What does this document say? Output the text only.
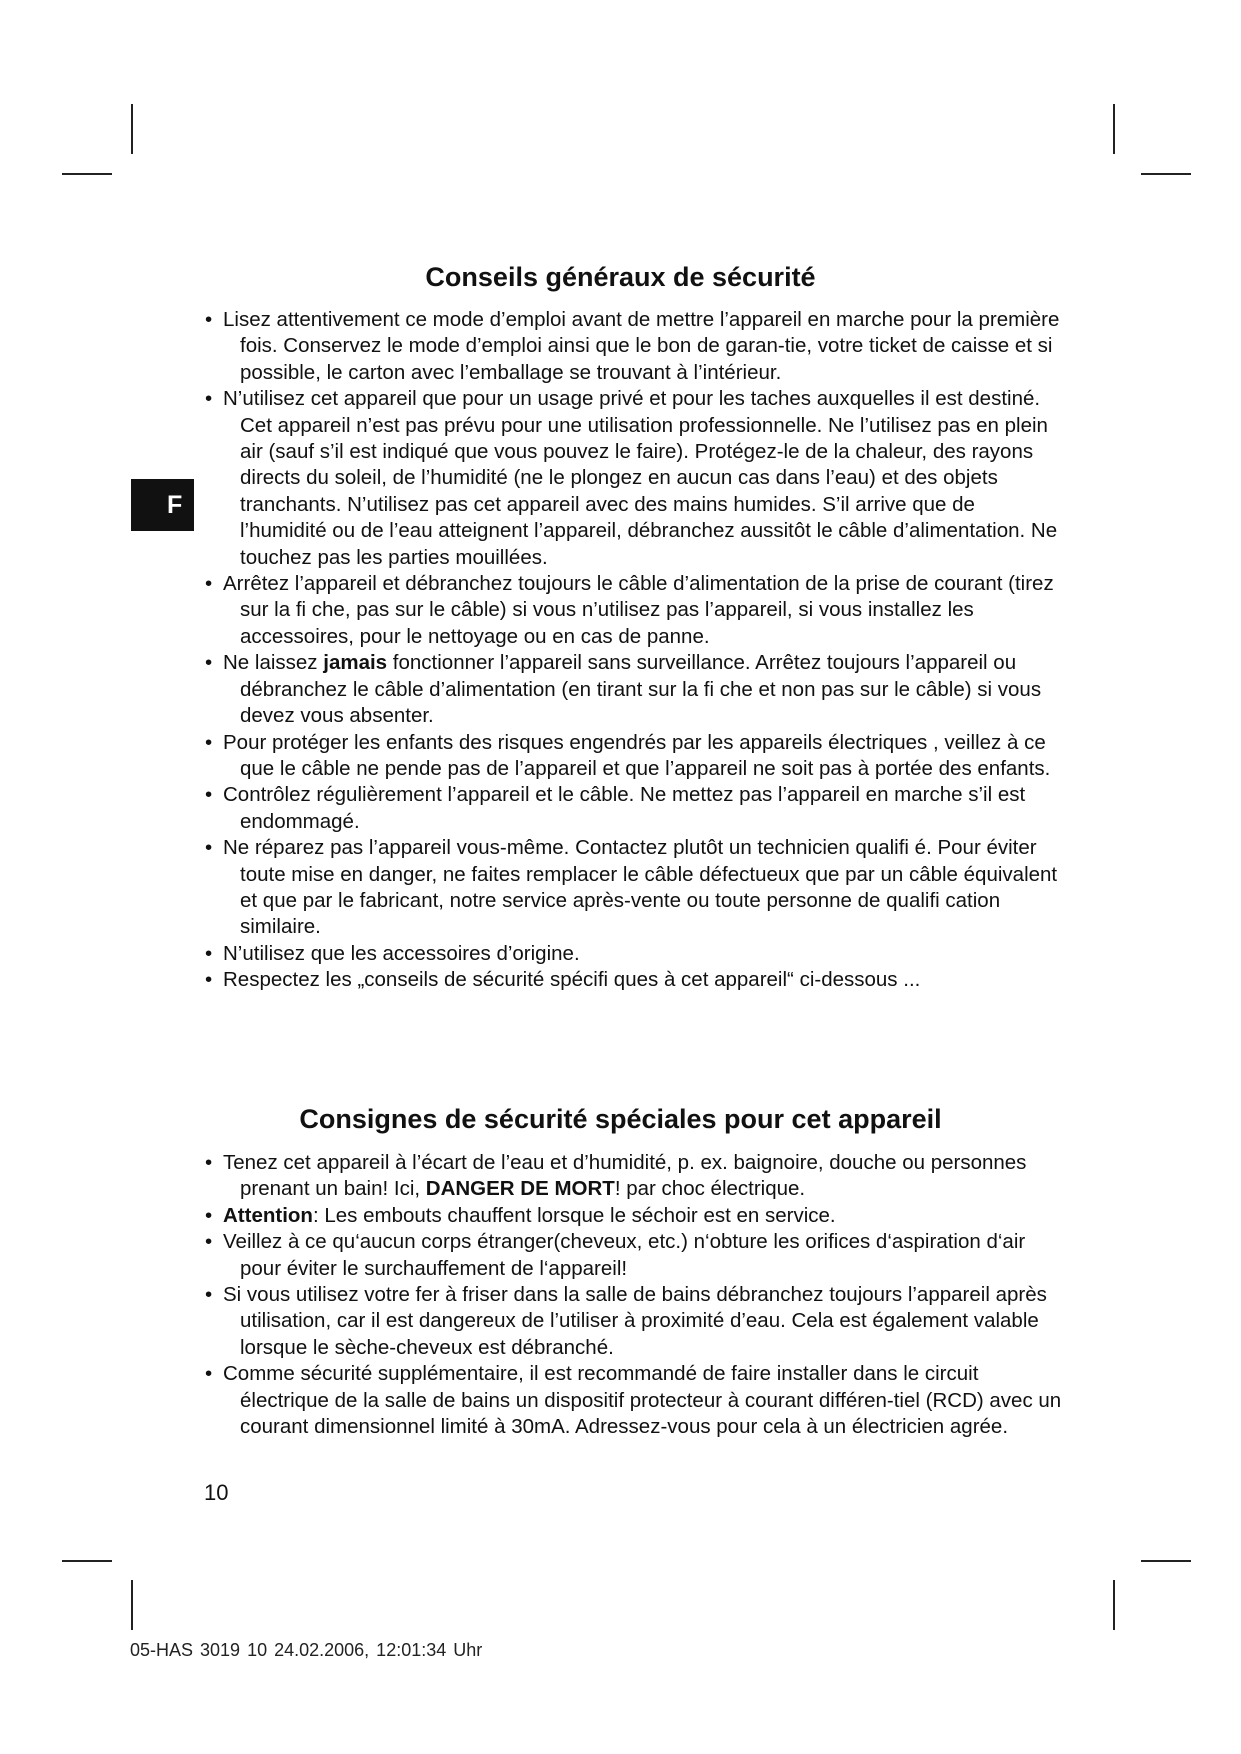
F
Conseils généraux de sécurité
• Lisez attentivement ce mode d’emploi avant de mettre l’appareil en marche pour la première fois. Conservez le mode d’emploi ainsi que le bon de garan-tie, votre ticket de caisse et si possible, le carton avec l’emballage se trouvant à l’intérieur.
• N’utilisez cet appareil que pour un usage privé et pour les taches auxquelles il est destiné. Cet appareil n’est pas prévu pour une utilisation professionnelle. Ne l’utilisez pas en plein air (sauf s’il est indiqué que vous pouvez le faire). Protégez-le de la chaleur, des rayons directs du soleil, de l’humidité (ne le plongez en aucun cas dans l’eau) et des objets tranchants. N’utilisez pas cet appareil avec des mains humides. S’il arrive que de l’humidité ou de l’eau atteignent l’appareil, débranchez aussitôt le câble d’alimentation. Ne touchez pas les parties mouillées.
• Arrêtez l’appareil et débranchez toujours le câble d’alimentation de la prise de courant (tirez sur la fi che, pas sur le câble) si vous n’utilisez pas l’appareil, si vous installez les accessoires, pour le nettoyage ou en cas de panne.
• Ne laissez jamais fonctionner l’appareil sans surveillance. Arrêtez toujours l’appareil ou débranchez le câble d’alimentation (en tirant sur la fi che et non pas sur le câble) si vous devez vous absenter.
• Pour protéger les enfants des risques engendrés par les appareils électriques , veillez à ce que le câble ne pende pas de l’appareil et que l’appareil ne soit pas à portée des enfants.
• Contrôlez régulièrement l’appareil et le câble. Ne mettez pas l’appareil en marche s’il est endommagé.
• Ne réparez pas l’appareil vous-même. Contactez plutôt un technicien qualifi é. Pour éviter toute mise en danger, ne faites remplacer le câble défectueux que par un câble équivalent et que par le fabricant, notre service après-vente ou toute personne de qualifi cation similaire.
• N’utilisez que les accessoires d’origine.
• Respectez les „conseils de sécurité spécifi ques à cet appareil“ ci-dessous ...
Consignes de sécurité spéciales pour cet appareil
• Tenez cet appareil à l’écart de l’eau et d’humidité, p. ex. baignoire, douche ou personnes prenant un bain! Ici, DANGER DE MORT! par choc électrique.
• Attention: Les embouts chauffent lorsque le séchoir est en service.
• Veillez à ce qu‘aucun corps étranger(cheveux, etc.) n‘obture les orifices d‘aspiration d‘air pour éviter le surchauffement de l‘appareil!
• Si vous utilisez votre fer à friser dans la salle de bains débranchez toujours l’appareil après utilisation, car il est dangereux de l’utiliser à proximité d’eau. Cela est également valable lorsque le sèche-cheveux est débranché.
• Comme sécurité supplémentaire, il est recommandé de faire installer dans le circuit électrique de la salle de bains un dispositif protecteur à courant différen-tiel (RCD) avec un courant dimensionnel limité à 30mA. Adressez-vous pour cela à un électricien agrée.
10
05-HAS 3019 10 24.02.2006, 12:01:34 Uhr
